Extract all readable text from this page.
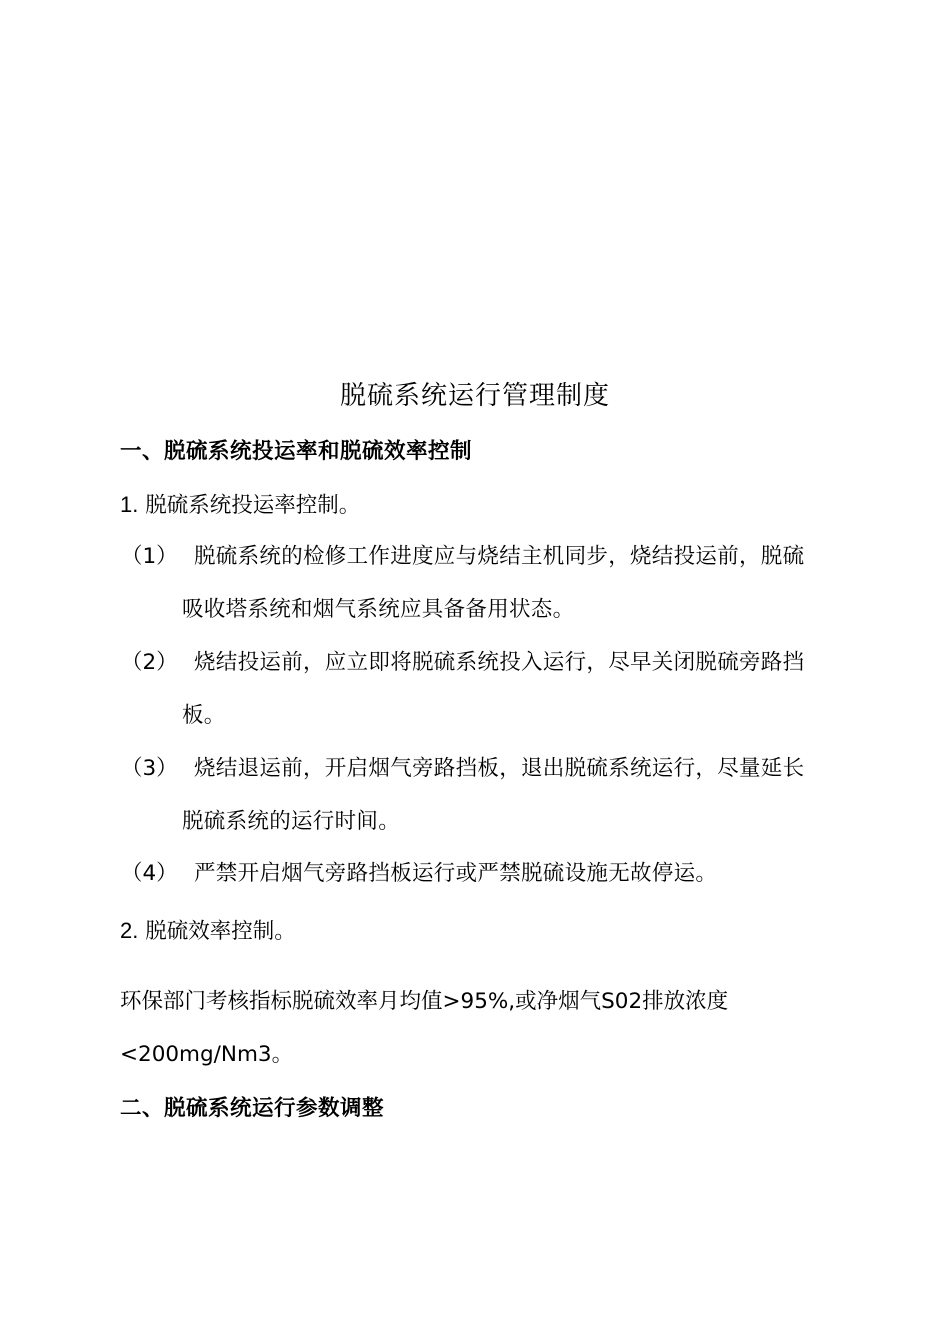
脱硫系统运行管理制度
一、脱硫系统投运率和脱硫效率控制
1. 脱硫系统投运率控制。
（1） 脱硫系统的检修工作进度应与烧结主机同步，烧结投运前，脱硫
吸收塔系统和烟气系统应具备备用状态。
（2） 烧结投运前，应立即将脱硫系统投入运行，尽早关闭脱硫旁路挡
板。
（3） 烧结退运前，开启烟气旁路挡板，退出脱硫系统运行，尽量延长
脱硫系统的运行时间。
（4） 严禁开启烟气旁路挡板运行或严禁脱硫设施无故停运。
2. 脱硫效率控制。
环保部门考核指标脱硫效率月均值>95%,或净烟气S02排放浓度
<200mg/Nm3。
二、脱硫系统运行参数调整
